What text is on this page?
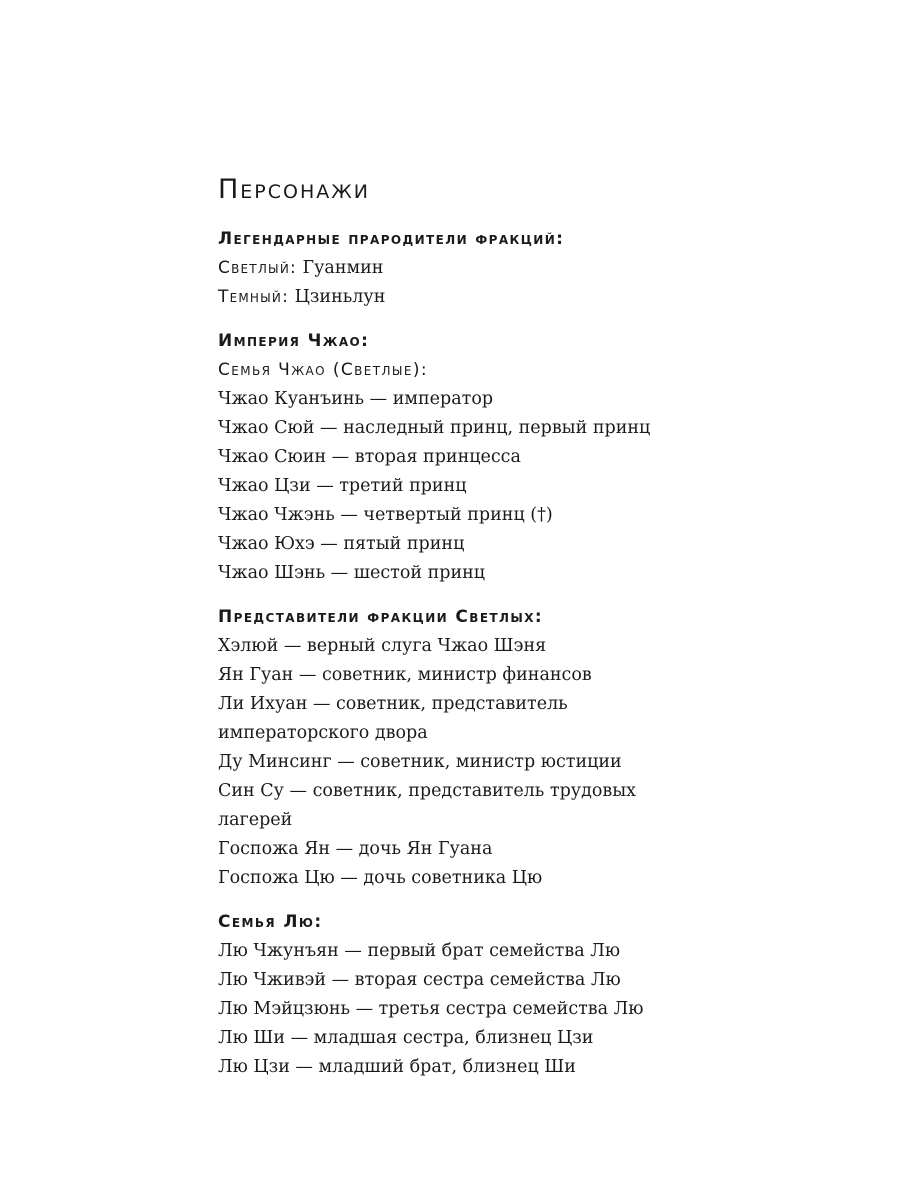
Персонажи

Легендарные прародители фракций:

Светлый: Гуанмин

Темный: Цзиньлун

Империя Чжао:

Семья Чжао (Светлые):

Чжао Куанъинь — император

Чжао Сюй — наследный принц, первый принц

Чжао Сюин — вторая принцесса

Чжао Цзи — третий принц

Чжао Чжэнь — четвертый принц (†)

Чжао Юхэ — пятый принц

Чжао Шэнь — шестой принц

Представители фракции Светлых:

Хэлюй — верный слуга Чжао Шэня

Ян Гуан — советник, министр финансов

Ли Ихуан — советник, представитель

императорского двора

Ду Минсинг — советник, министр юстиции

Син Су — советник, представитель трудовых

лагерей

Госпожа Ян — дочь Ян Гуана

Госпожа Цю — дочь советника Цю

Семья Лю:

Лю Чжунъян — первый брат семейства Лю

Лю Чживэй — вторая сестра семейства Лю

Лю Мэйцзюнь — третья сестра семейства Лю

Лю Ши — младшая сестра, близнец Цзи

Лю Цзи — младший брат, близнец Ши
